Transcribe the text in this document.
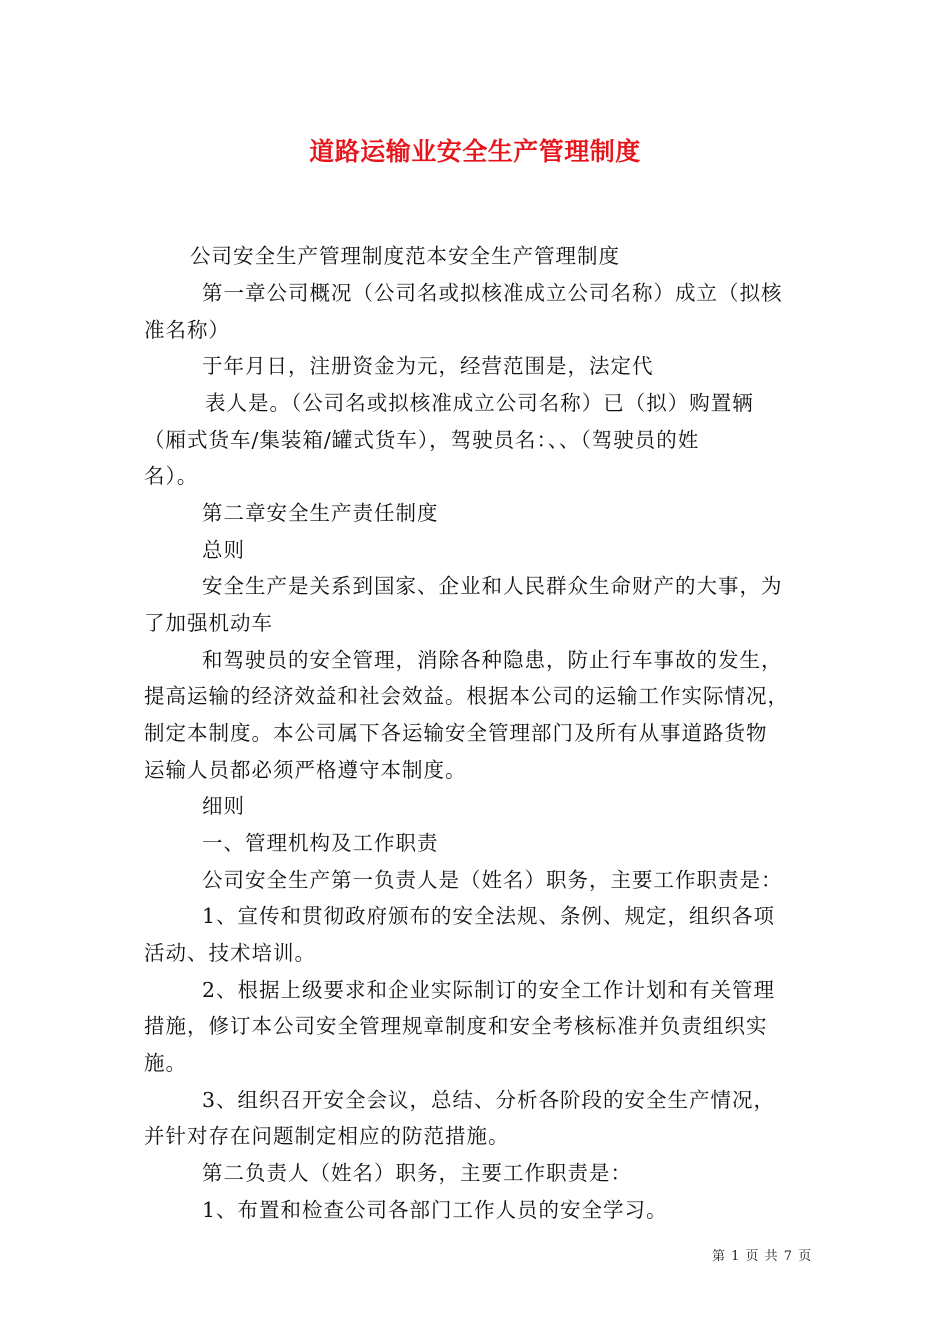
道路运输业安全生产管理制度
公司安全生产管理制度范本安全生产管理制度
第一章公司概况（公司名或拟核准成立公司名称）成立（拟核
准名称）
于年月日，注册资金为元，经营范围是，法定代
表人是。（公司名或拟核准成立公司名称）已（拟）购置辆
（厢式货车/集装箱/罐式货车），驾驶员名：、、（驾驶员的姓
名）。
第二章安全生产责任制度
总则
安全生产是关系到国家、企业和人民群众生命财产的大事，为
了加强机动车
和驾驶员的安全管理，消除各种隐患，防止行车事故的发生，
提高运输的经济效益和社会效益。根据本公司的运输工作实际情况，
制定本制度。本公司属下各运输安全管理部门及所有从事道路货物
运输人员都必须严格遵守本制度。
细则
一、管理机构及工作职责
公司安全生产第一负责人是（姓名）职务，主要工作职责是：
1、宣传和贯彻政府颁布的安全法规、条例、规定，组织各项
活动、技术培训。
2、根据上级要求和企业实际制订的安全工作计划和有关管理
措施，修订本公司安全管理规章制度和安全考核标准并负责组织实
施。
3、组织召开安全会议，总结、分析各阶段的安全生产情况，
并针对存在问题制定相应的防范措施。
第二负责人（姓名）职务，主要工作职责是：
1、布置和检查公司各部门工作人员的安全学习。
第 1 页 共 7 页
